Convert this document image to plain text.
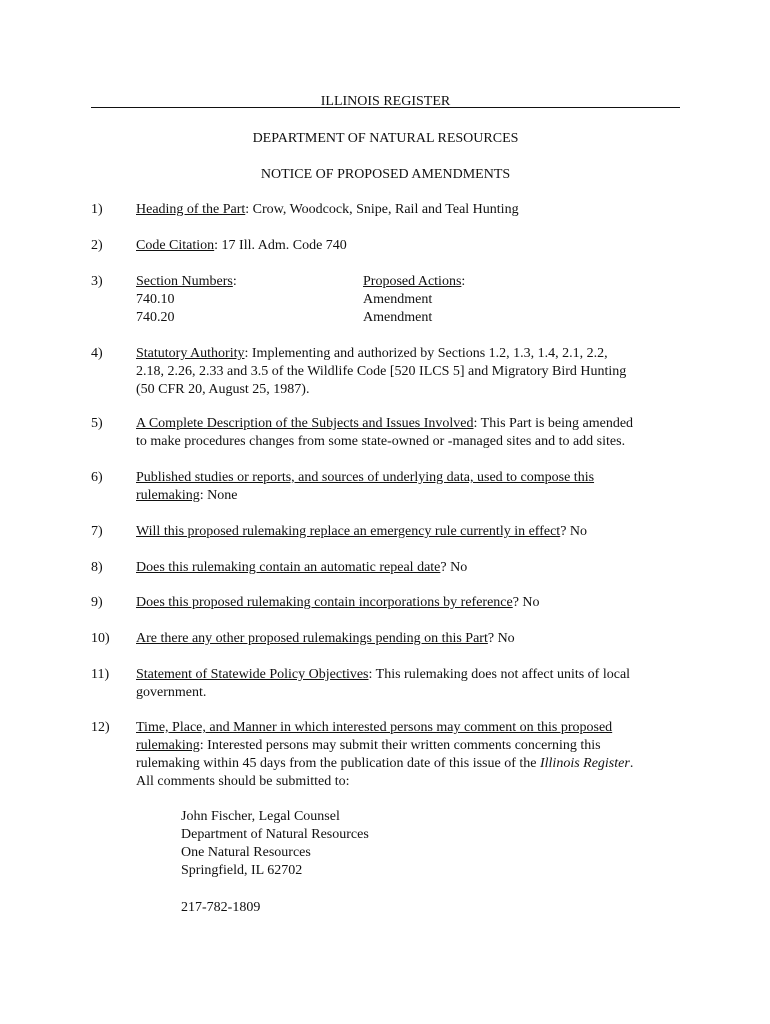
ILLINOIS REGISTER
DEPARTMENT OF NATURAL RESOURCES
NOTICE OF PROPOSED AMENDMENTS
1)	Heading of the Part: Crow, Woodcock, Snipe, Rail and Teal Hunting
2)	Code Citation: 17 Ill. Adm. Code 740
3)	Section Numbers:	Proposed Actions:
740.10	Amendment
740.20	Amendment
4)	Statutory Authority: Implementing and authorized by Sections 1.2, 1.3, 1.4, 2.1, 2.2,
2.18, 2.26, 2.33 and 3.5 of the Wildlife Code [520 ILCS 5] and Migratory Bird Hunting
(50 CFR 20, August 25, 1987).
5)	A Complete Description of the Subjects and Issues Involved: This Part is being amended
to make procedures changes from some state-owned or -managed sites and to add sites.
6)	Published studies or reports, and sources of underlying data, used to compose this
rulemaking: None
7)	Will this proposed rulemaking replace an emergency rule currently in effect? No
8)	Does this rulemaking contain an automatic repeal date? No
9)	Does this proposed rulemaking contain incorporations by reference? No
10)	Are there any other proposed rulemakings pending on this Part? No
11)	Statement of Statewide Policy Objectives: This rulemaking does not affect units of local
government.
12)	Time, Place, and Manner in which interested persons may comment on this proposed
rulemaking: Interested persons may submit their written comments concerning this
rulemaking within 45 days from the publication date of this issue of the Illinois Register.
All comments should be submitted to:
John Fischer, Legal Counsel
Department of Natural Resources
One Natural Resources
Springfield, IL 62702
217-782-1809
